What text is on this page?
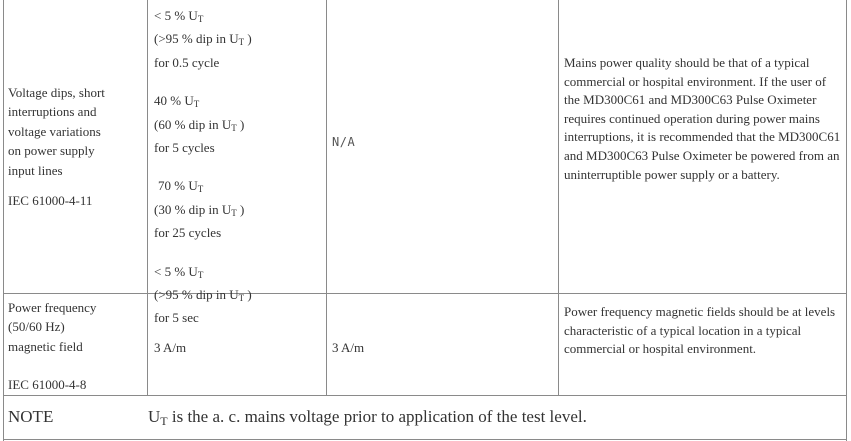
Voltage dips, short
interruptions and
voltage variations
on power supply
input lines
IEC 61000-4-11
< 5 % $U_T$
(>95 % dip in $U_T$ )
for 0.5 cycle
40 % $U_T$
(60 % dip in $U_T$ )
for 5 cycles
70 % $U_T$
(30 % dip in $U_T$ )
for 25 cycles
< 5 % $U_T$
(>95 % dip in $U_T$ )
for 5 sec
N/A
Mains power quality should be that of a typical commercial or hospital environment. If the user of the MD300C61 and MD300C63 Pulse Oximeter requires continued operation during power mains interruptions, it is recommended that the MD300C61 and MD300C63 Pulse Oximeter be powered from an uninterruptible power supply or a battery.
Power frequency
(50/60 Hz)
magnetic field
IEC 61000-4-8
3 A/m	3 A/m
Power frequency magnetic fields should be at levels characteristic of a typical location in a typical commercial or hospital environment.
NOTE	UT is the a. c. mains voltage prior to application of the test level.
